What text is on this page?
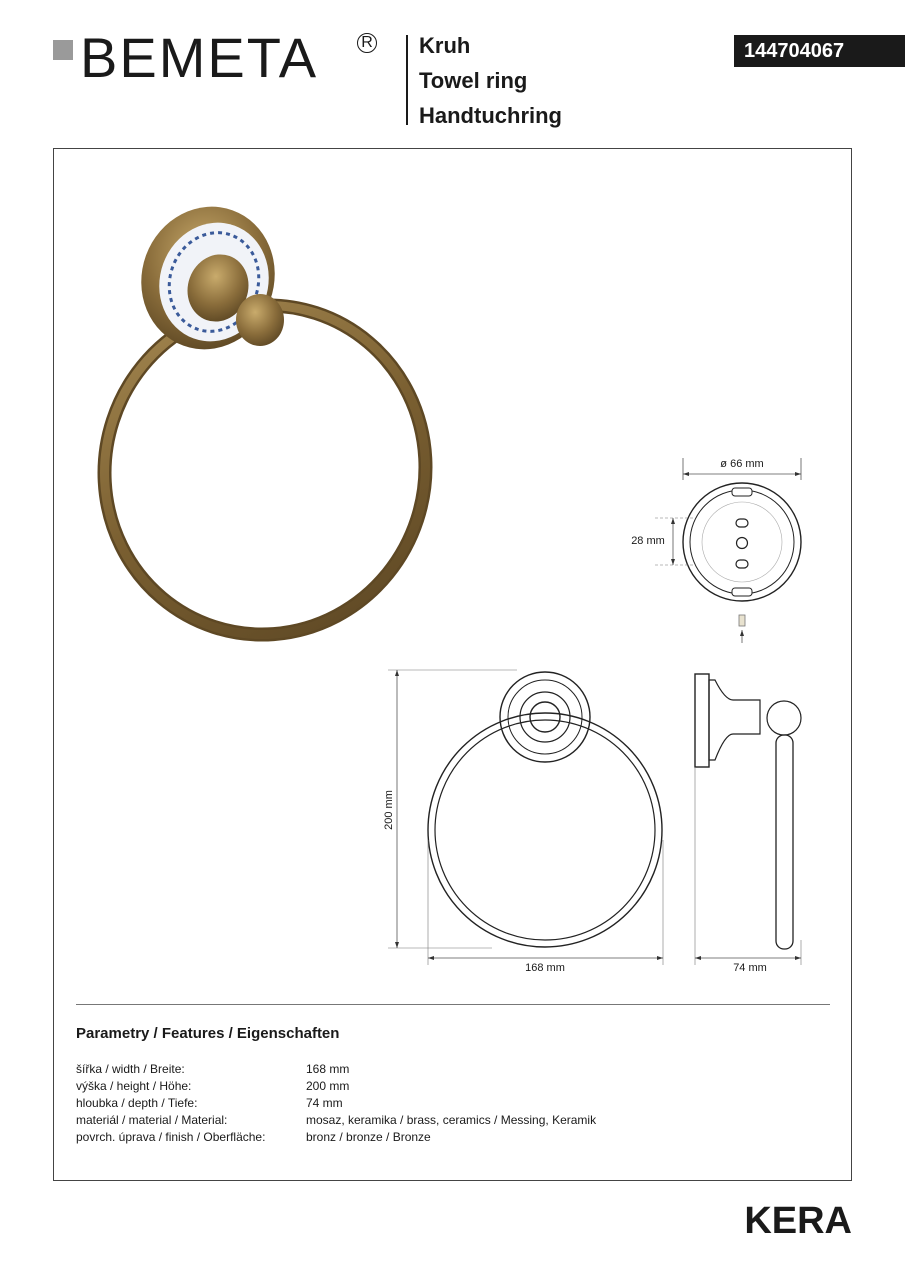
BEMETA	R Kruh
Towel ring
Handtuchring
144704067
ø 66 mm
28 mm
200 mm
168 mm	74 mm
Parametry / Features / Eigenschaften
šířka / width / Breite:	168 mm
výška / height / Höhe:	200 mm
hloubka / depth / Tiefe:	74 mm
materiál / material / Material:	mosaz, keramika / brass, ceramics / Messing, Keramik
povrch. úprava / finish / Oberfläche:	bronz / bronze / Bronze
KERA
